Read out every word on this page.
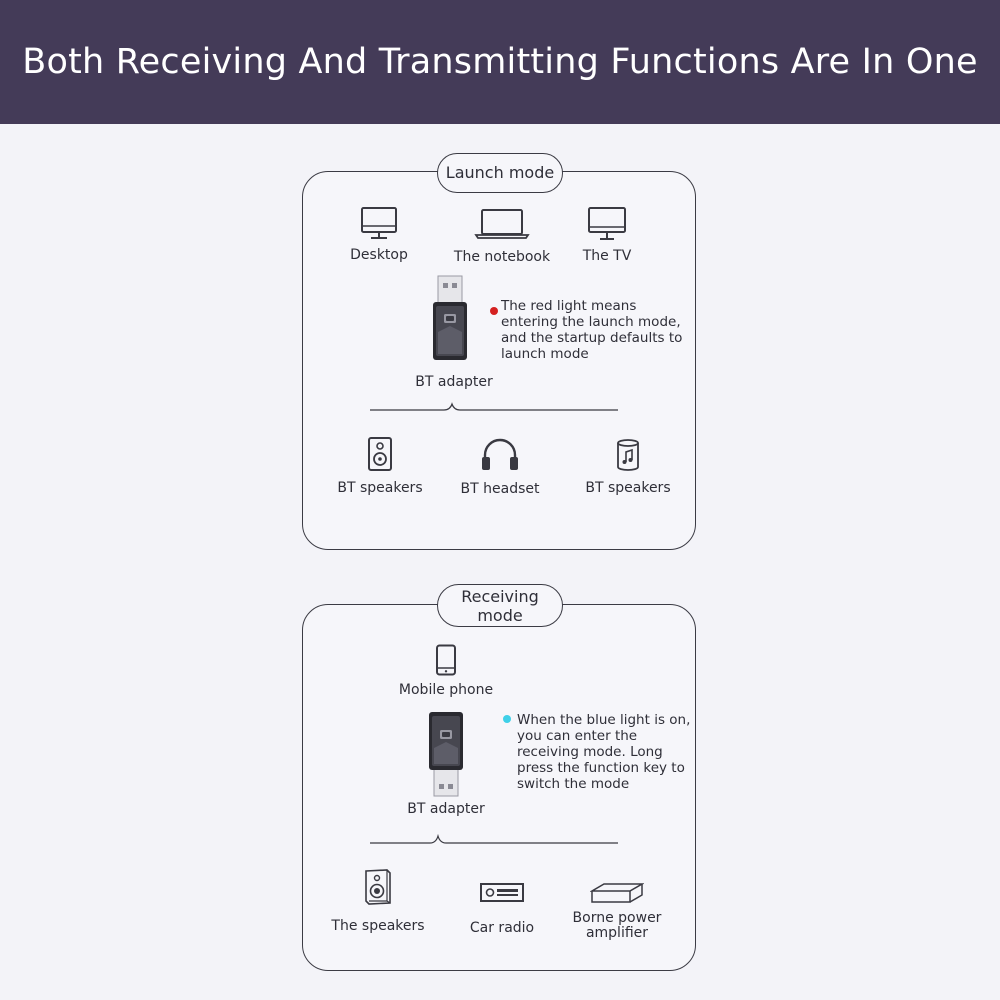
Both Receiving And Transmitting Functions Are In One
Launch mode
Desktop	The notebook The TV
BT adapter
The red light means entering the launch mode, and the startup defaults to launch mode
BT speakers	BT headset	BT speakers
Receiving mode
Mobile phone
BT adapter
When the blue light is on, you can enter the receiving mode. Long press the function key to switch the mode
The speakers	Car radio
Borne power amplifier
